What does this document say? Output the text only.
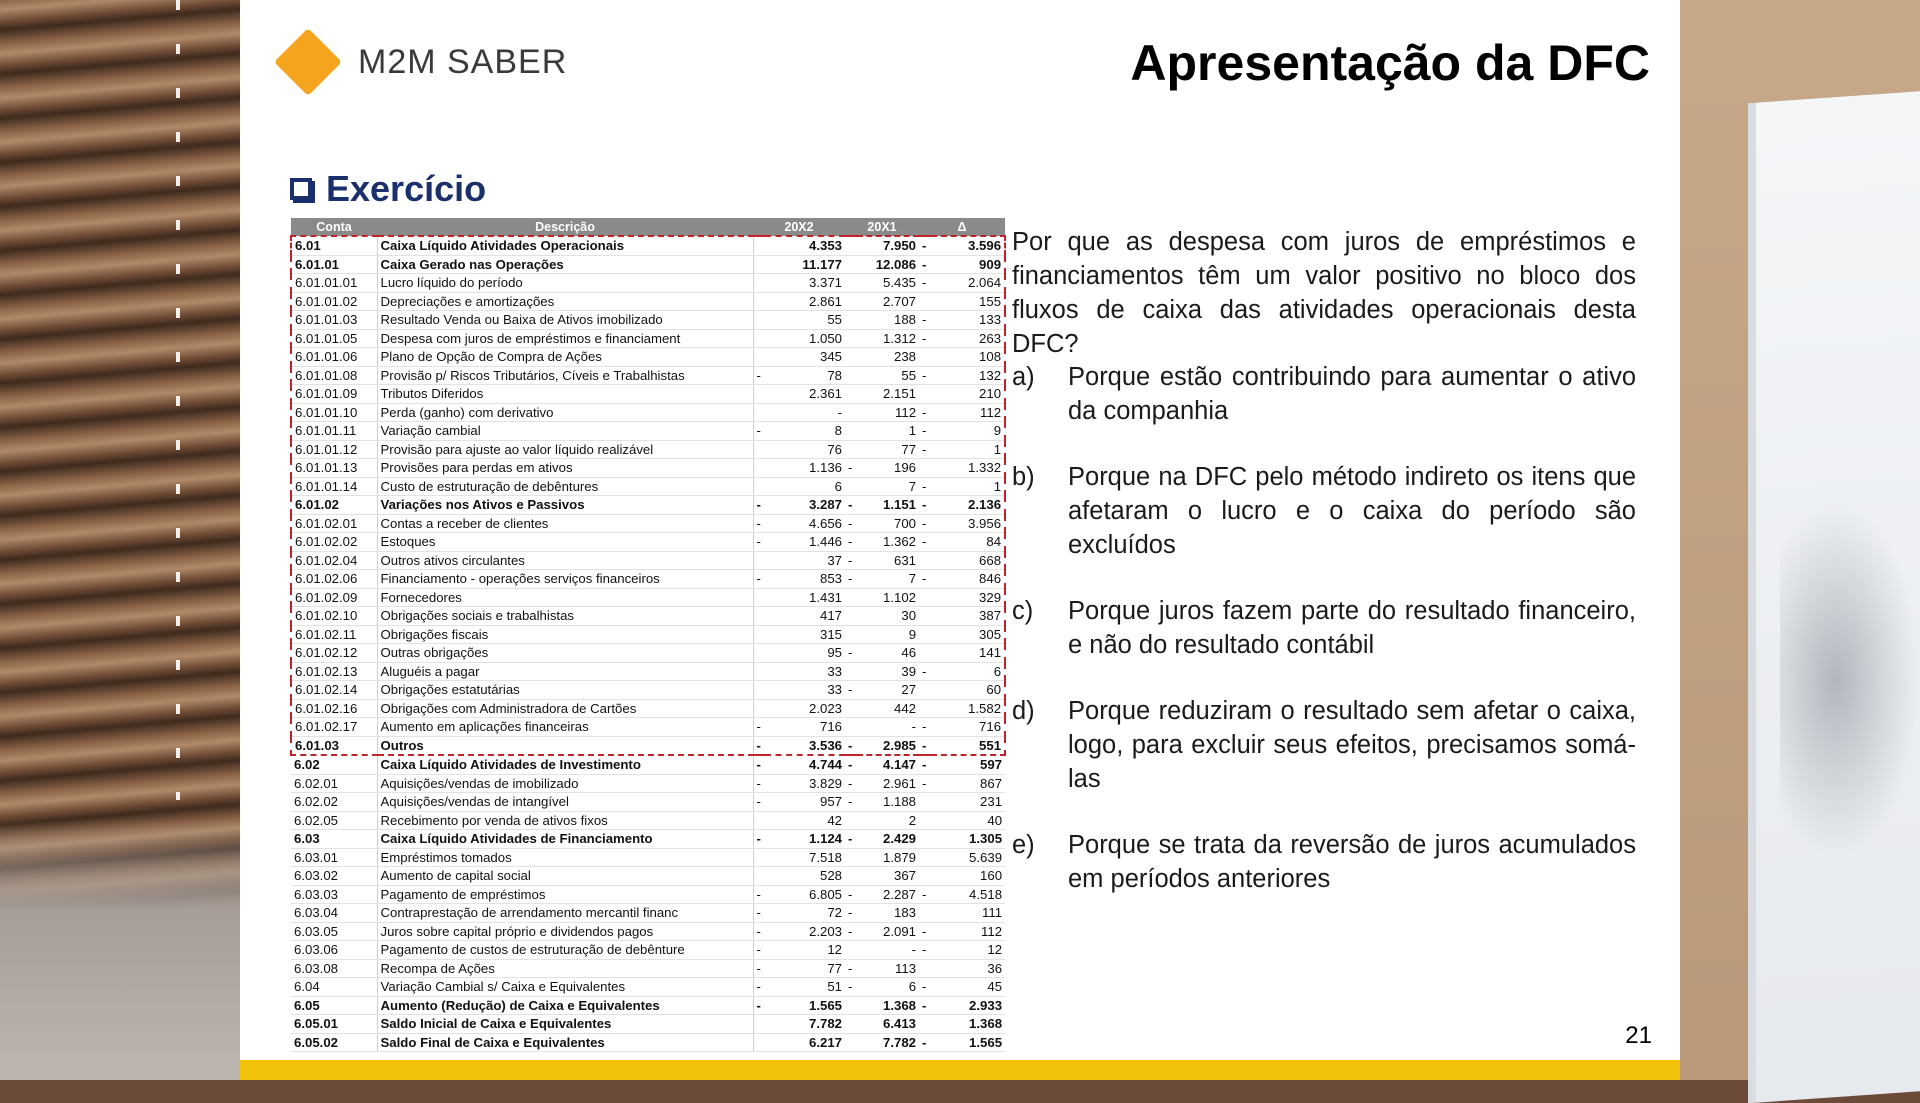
M2M SABER	Apresentação da DFC
Exercício
Conta	Descrição	20X2		20X1		Δ	
6.01	Caixa Líquido Atividades Operacionais		4.353		7.950	-	3.596
6.01.01	Caixa Gerado nas Operações		11.177		12.086	-	909
6.01.01.01	Lucro líquido do período		3.371		5.435	-	2.064
6.01.01.02	Depreciações e amortizações		2.861		2.707		155
6.01.01.03	Resultado Venda ou Baixa de Ativos imobilizado		55		188	-	133
6.01.01.05	Despesa com juros de empréstimos e financiament		1.050		1.312	-	263
6.01.01.06	Plano de Opção de Compra de Ações		345		238		108
6.01.01.08	Provisão p/ Riscos Tributários, Cíveis e Trabalhistas	-	78		55	-	132
6.01.01.09	Tributos Diferidos		2.361		2.151		210
6.01.01.10	Perda (ganho) com derivativo		-		112	-	112
6.01.01.11	Variação cambial	-	8		1	-	9
6.01.01.12	Provisão para ajuste ao valor líquido realizável		76		77	-	1
6.01.01.13	Provisões para perdas em ativos		1.136	-	196		1.332
6.01.01.14	Custo de estruturação de debêntures		6		7	-	1
6.01.02	Variações nos Ativos e Passivos	-	3.287	-	1.151	-	2.136
6.01.02.01	Contas a receber de clientes	-	4.656	-	700	-	3.956
6.01.02.02	Estoques	-	1.446	-	1.362	-	84
6.01.02.04	Outros ativos circulantes		37	-	631		668
6.01.02.06	Financiamento - operações serviços financeiros	-	853	-	7	-	846
6.01.02.09	Fornecedores		1.431		1.102		329
6.01.02.10	Obrigações sociais e trabalhistas		417		30		387
6.01.02.11	Obrigações fiscais		315		9		305
6.01.02.12	Outras obrigações		95	-	46		141
6.01.02.13	Aluguéis a pagar		33		39	-	6
6.01.02.14	Obrigações estatutárias		33	-	27		60
6.01.02.16	Obrigações com Administradora de Cartões		2.023		442		1.582
6.01.02.17	Aumento em aplicações financeiras	-	716		-	-	716
6.01.03	Outros	-	3.536	-	2.985	-	551
6.02	Caixa Líquido Atividades de Investimento	-	4.744	-	4.147	-	597
6.02.01	Aquisições/vendas de imobilizado	-	3.829	-	2.961	-	867
6.02.02	Aquisições/vendas de intangível	-	957	-	1.188		231
6.02.05	Recebimento por venda de ativos fixos		42		2		40
6.03	Caixa Líquido Atividades de Financiamento	-	1.124	-	2.429		1.305
6.03.01	Empréstimos tomados		7.518		1.879		5.639
6.03.02	Aumento de capital social		528		367		160
6.03.03	Pagamento de empréstimos	-	6.805	-	2.287	-	4.518
6.03.04	Contraprestação de arrendamento mercantil financ	-	72	-	183		111
6.03.05	Juros sobre capital próprio e dividendos pagos	-	2.203	-	2.091	-	112
6.03.06	Pagamento de custos de estruturação de debênture	-	12		-	-	12
6.03.08	Recompa de Ações	-	77	-	113		36
6.04	Variação Cambial s/ Caixa e Equivalentes	-	51	-	6	-	45
6.05	Aumento (Redução) de Caixa e Equivalentes	-	1.565		1.368	-	2.933
6.05.01	Saldo Inicial de Caixa e Equivalentes		7.782		6.413		1.368
6.05.02	Saldo Final de Caixa e Equivalentes		6.217		7.782	-	1.565
Por que as despesa com juros de empréstimos e financiamentos têm um valor positivo no bloco dos fluxos de caixa das atividades operacionais desta DFC?
a)	Porque estão contribuindo para aumentar o ativo da companhia
b)	Porque na DFC pelo método indireto os itens que afetaram o lucro e o caixa do período são excluídos
c)	Porque juros fazem parte do resultado financeiro, e não do resultado contábil
d)	Porque reduziram o resultado sem afetar o caixa, logo, para excluir seus efeitos, precisamos somá-las
e)	Porque se trata da reversão de juros acumulados em períodos anteriores
21
